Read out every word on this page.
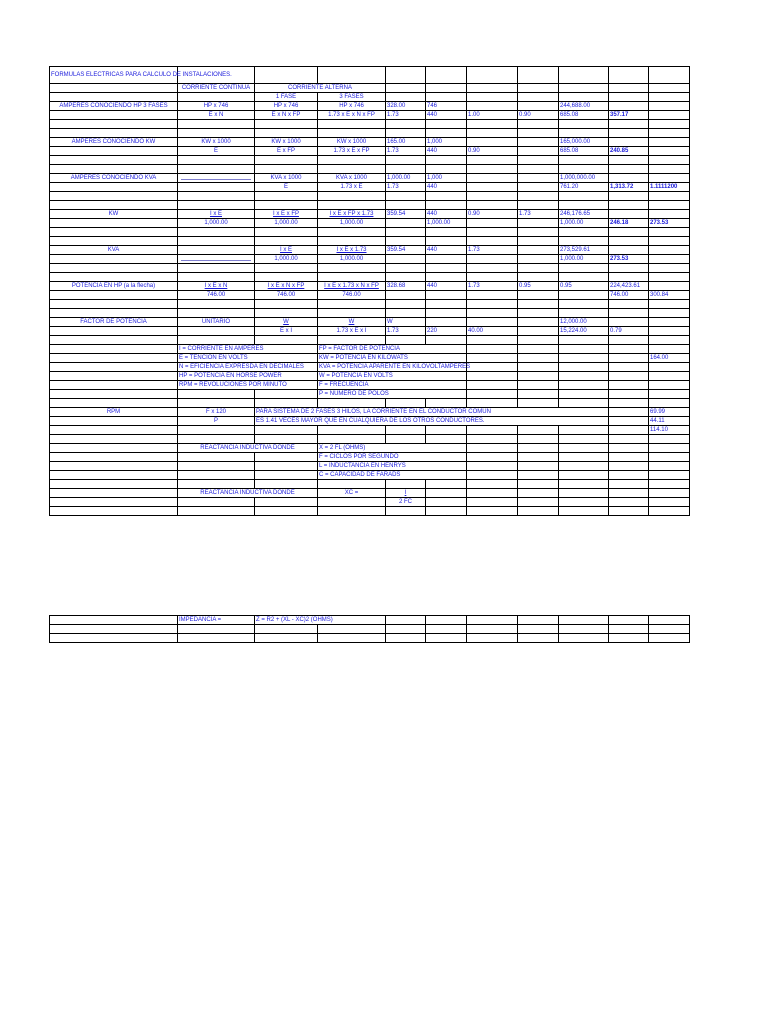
FORMULAS ELECTRICAS PARA CALCULO DE INSTALACIONES.										
	CORRIENTE CONTINUA	CORRIENTE ALTERNA								
		1 FASE	3 FASES							
AMPERES CONOCIENDO HP 3 FASES	HP x 746	HP x 746	HP x 746	328.00	746			244,688.00		
	E x N	E x N x FP	1.73 x E x N x FP	1.73	440	1.00	0.90	685.08	357.17	

AMPERES CONOCIENDO KW	KW x 1000	KW x 1000	KW x 1000	165.00	1,000			165,000.00		
	E	E x FP	1.73 x E x FP	1.73	440	0.90		685.08	240.85	

AMPERES CONOCIENDO KVA		KVA x 1000	KVA x 1000	1,000.00	1,000			1,000,000.00		
		E	1.73 x E	1.73	440			761.20	1,313.72	1.1111200

KW	I x E	I x E x FP	I x E x FP x 1.73	359.54	440	0.90	1.73	246,176.65		
	1,000.00	1,000.00	1,000.00		1,000.00			1,000.00	246.18	273.53

KVA		I x E	I x E x 1.73	359.54	440	1.73		273,529.61		

	1,000.00	1,000.00					1,000.00	273.53	

POTENCIA EN HP (a la flecha)	I x E x N	I x E x N x FP	I x E x 1.73 x N x FP	328.68	440	1.73	0.95	0.95	224,423.61	
	746.00	746.00	746.00						746.00	300.84

FACTOR DE POTENCIA	UNITARIO	W	W	W				12,000.00		
		E x I	1.73 x E x I	1.73	220	40.00		15,224.00	0.79	

	I = CORRIENTE EN AMPERES		FP = FACTOR DE POTENCIA							
	E = TENCION EN VOLTS		KW = POTENCIA EN KILOWATS							164.00
	N = EFICIENCIA EXPRESDA EN DECIMALES		KVA = POTENCIA APARENTE EN KILOVOLTAMPERES							
	HP = POTENCIA EN HORSE POWER		W = POTENCIA EN VOLTS							
	RPM = REVOLUCIONES POR MINUTO		F = FRECUENCIA							
			P = NUMERO DE POLOS							

RPM	F x 120	PARA SISTEMA DE 2 FASES 3 HILOS, LA CORRIENTE EN EL CONDUCTOR COMUN								69.99
	P	ES 1.41 VECES MAYOR QUE EN CUALQUIERA DE LOS OTROS CONDUCTORES.								44.11
										114.10

	REACTANCIA INDUCTIVA DONDE		X = 2 FL (OHMS)							
			F = CICLOS POR SEGUNDO							
			L = INDUCTANCIA EN HENRYS							
			C = CAPACIDAD DE FARADS							

	REACTANCIA INDUCTIVA DONDE		XC =	I						
				2 FC						

	IMPEDANCIA =	Z = R2 + (XL - XC)2 (OHMS)								
